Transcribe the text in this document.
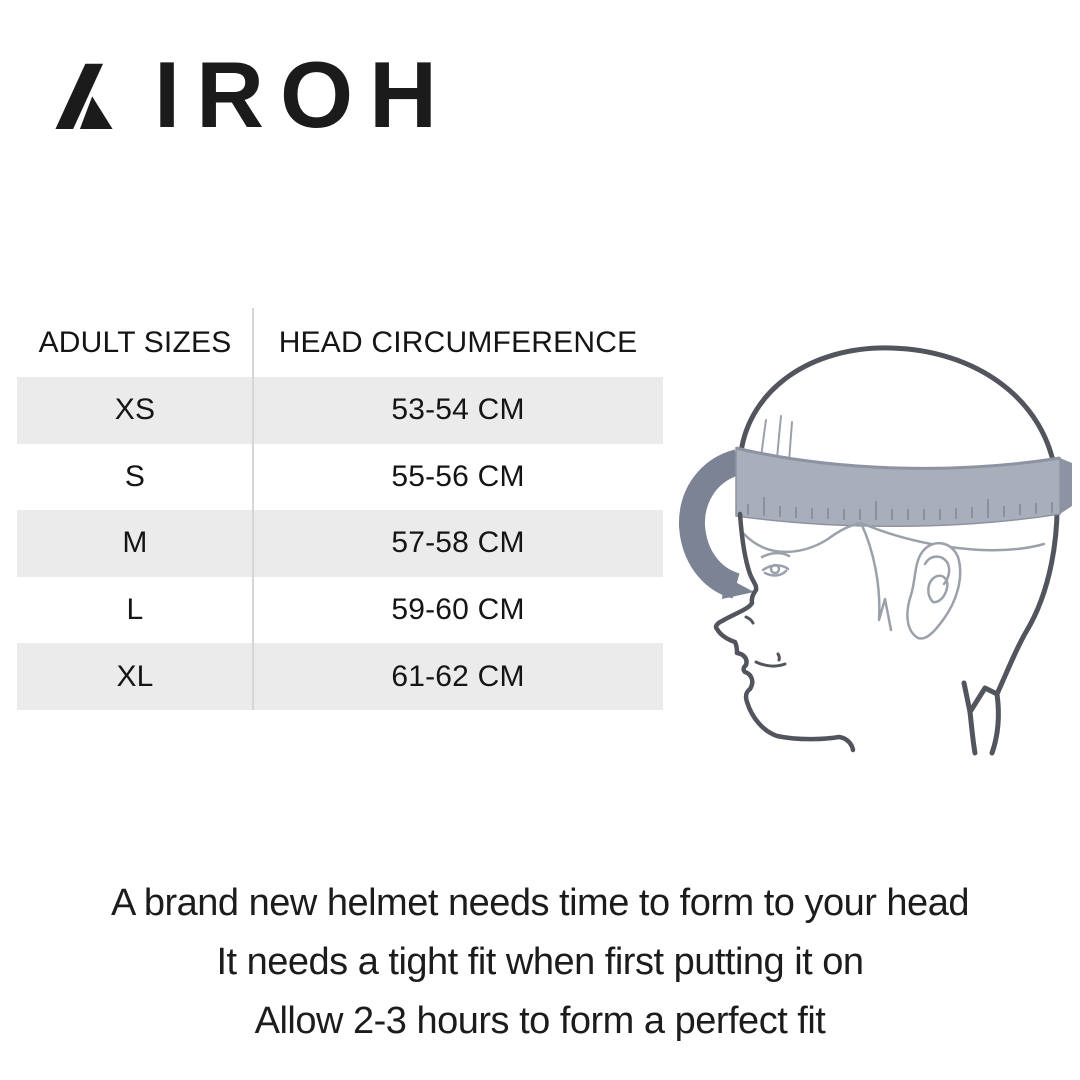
IROH
ADULT SIZES	HEAD CIRCUMFERENCE
XS	53-54 CM
S	55-56 CM
M	57-58 CM
L	59-60 CM
XL	61-62 CM
A brand new helmet needs time to form to your head
It needs a tight fit when first putting it on
Allow 2-3 hours to form a perfect fit
